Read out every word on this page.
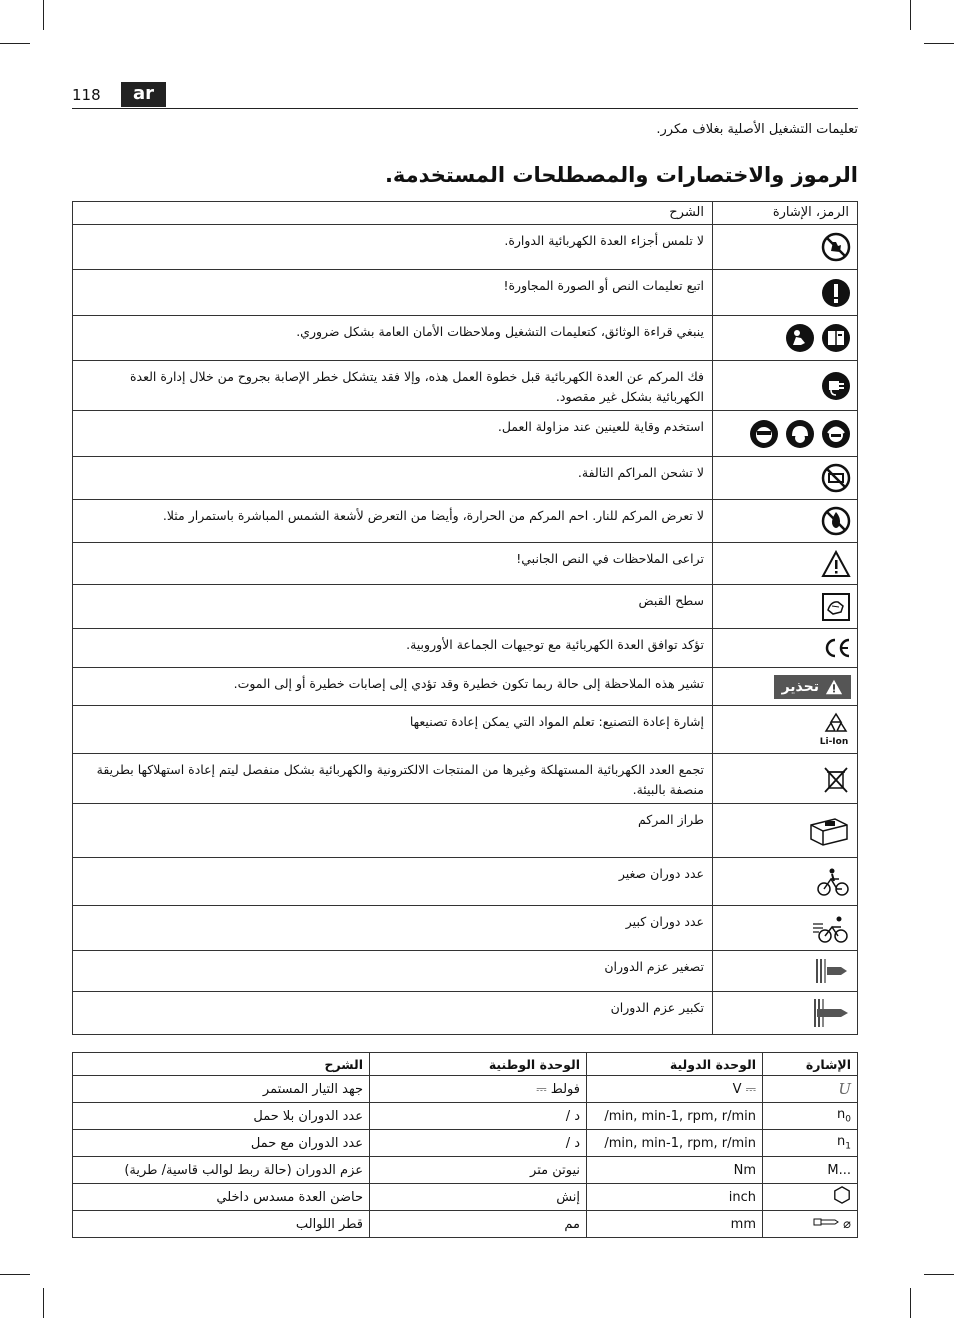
118	ar
تعليمات التشغيل الأصلية بغلاف مكرر.
الرموز والاختصارات والمصطلحات المستخدمة.
الرمز، الإشارة	الشرح

	لا تلمس أجزاء العدة الكهربائية الدوارة.

	اتبع تعليمات النص أو الصورة المجاورة!

	ينبغي قراءة الوثائق، كتعليمات التشغيل وملاحظات الأمان العامة بشكل ضروري.

	فك المركم عن العدة الكهربائية قبل خطوة العمل هذه، وإلا فقد يتشكل خطر الإصابة بجروح من خلال إدارة العدة الكهربائية بشكل غير مقصود.

	استخدم وقاية للعينين عند مزاولة العمل.

	لا تشحن المراكم التالفة.

	لا تعرض المركم للنار. احم المركم من الحرارة، وأيضا من التعرض لأشعة الشمس المباشرة باستمرار مثلا.

	تراعى الملاحظات في النص الجانبي!

	سطح القبض

	تؤكد توافق العدة الكهربائية مع توجيهات الجماعة الأوروبية.

تحذير	تشير هذه الملاحظة إلى حالة ربما تكون خطيرة وقد تؤدي إلى إصابات خطيرة أو إلى الموت.

Li-Ion	إشارة إعادة التصنيع: تعلم المواد التي يمكن إعادة تصنيعها

	تجمع العدد الكهربائية المستهلكة وغيرها من المنتجات الالكترونية والكهربائية بشكل منفصل ليتم إعادة استهلاكها بطريقة منصفة بالبيئة.

	طراز المركم

	عدد دوران صغير

	عدد دوران كبير

	تصغير عزم الدوران

	تكبير عزم الدوران
الإشارة	الوحدة الدولية	الوحدة الوطنية	الشرح
U	V ⎓	فولط ⎓	جهد التيار المستمر
$n_0$	/min, min-1, rpm, r/min	د /	عدد الدوران بلا حمل
$n_1$	/min, min-1, rpm, r/min	د /	عدد الدوران مع حمل
M...	Nm	نيوتن متر	عزم الدوران (حالة ربط لوالب قاسية/ طرية)
	inch	إنش	حاضن العدة مسدس داخلي
⌀	mm	مم	قطر اللوالب
